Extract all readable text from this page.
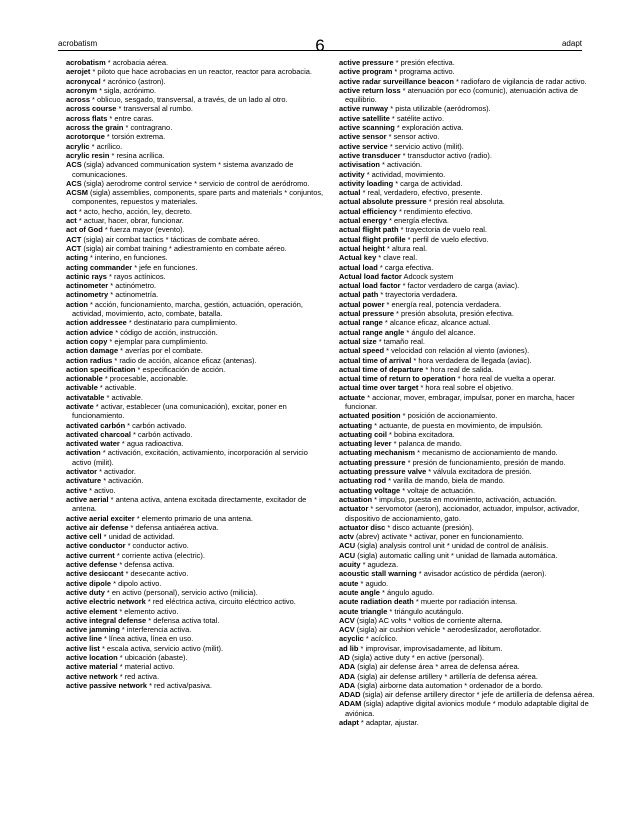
acrobatism	6	adapt

acrobatism * acrobacia aérea.

aerojet * piloto que hace acrobacias en un reactor, reactor para acrobacia.

acronycal * acrónico (astron).

acronym * sigla, acrónimo.

across * oblicuo, sesgado, transversal, a través, de un lado al otro.

across course * transversal al rumbo.

across flats * entre caras.

across the grain * contragrano.

acrotorque * torsión extrema.

acrylic * acrílico.

acrylic resin * resina acrílica.

ACS (sigla) advanced communication system * sistema avanzado de comunicaciones.

ACS (sigla) aerodrome control service * servicio de control de aeródromo.

ACSM (sigla) assemblies, components, spare parts and materials * conjuntos, componentes, repuestos y materiales.

act * acto, hecho, acción, ley, decreto.

act * actuar, hacer, obrar, funcionar.

act of God * fuerza mayor (evento).

ACT (sigla) air combat tactics * tácticas de combate aéreo.

ACT (sigla) air combat training * adiestramiento en combate aéreo.

acting * interino, en funciones.

acting commander * jefe en funciones.

actinic rays * rayos actínicos.

actinometer * actinómetro.

actinometry * actinometría.

action * acción, funcionamiento, marcha, gestión, actuación, operación, actividad, movimiento, acto, combate, batalla.

action addressee * destinatario para cumplimiento.

action advice * código de acción, instrucción.

action copy * ejemplar para cumplimiento.

action damage * averías por el combate.

action radius * radio de acción, alcance eficaz (antenas).

action specification * especificación de acción.

actionable * procesable, accionable.

activable * activable.

activatable * activable.

activate * activar, establecer (una comunicación), excitar, poner en funcionamiento.

activated carbón * carbón activado.

activated charcoal * carbón activado.

activated water * agua radioactiva.

activation * activación, excitación, activamiento, incorporación al servicio activo (milit).

activator * activador.

activature * activación.

active * activo.

active aerial * antena activa, antena excitada directamente, excitador de antena.

active aerial exciter * elemento primario de una antena.

active air defense * defensa antiaérea activa.

active cell * unidad de actividad.

active conductor * conductor activo.

active current * corriente activa (electric).

active defense * defensa activa.

active desiccant * desecante activo.

active dipole * dipolo activo.

active duty * en activo (personal), servicio activo (milicia).

active electric network * red eléctrica activa, circuito eléctrico activo.

active element * elemento activo.

active integral defense * defensa activa total.

active jamming * interferencia activa.

active line * línea activa, línea en uso.

active list * escala activa, servicio activo (milit).

active location * ubicación (abaste).

active material * material activo.

active network * red activa.

active passive network * red activa/pasiva.

active pressure * presión efectiva.

active program * programa activo.

active radar surveillance beacon * radiofaro de vigilancia de radar activo.

active return loss * atenuación por eco (comunic), atenuación activa de equilibrio.

active runway * pista utilizable (aeródromos).

active satellite * satélite activo.

active scanning * exploración activa.

active sensor * sensor activo.

active service * servicio activo (milit).

active transducer * transductor activo (radio).

activisation * activación.

activity * actividad, movimiento.

activity loading * carga de actividad.

actual * real, verdadero, efectivo, presente.

actual absolute pressure * presión real absoluta.

actual efficiency * rendimiento efectivo.

actual energy * energía efectiva.

actual flight path * trayectoria de vuelo real.

actual flight profile * perfil de vuelo efectivo.

actual height * altura real.

Actual key * clave real.

actual load * carga efectiva.

Actual load factor Adcock system

actual load factor * factor verdadero de carga (aviac).

actual path * trayectoria verdadera.

actual power * energía real, potencia verdadera.

actual pressure * presión absoluta, presión efectiva.

actual range * alcance eficaz, alcance actual.

actual range angle * ángulo del alcance.

actual size * tamaño real.

actual speed * velocidad con relación al viento (aviones).

actual time of arrival * hora verdadera de llegada (aviac).

actual time of departure * hora real de salida.

actual time of return to operation * hora real de vuelta a operar.

actual time over target * hora real sobre el objetivo.

actuate * accionar, mover, embragar, impulsar, poner en marcha, hacer funcionar.

actuated position * posición de accionamiento.

actuating * actuante, de puesta en movimiento, de impulsión.

actuating coil * bobina excitadora.

actuating lever * palanca de mando.

actuating mechanism * mecanismo de accionamiento de mando.

actuating pressure * presión de funcionamiento, presión de mando.

actuating pressure valve * válvula excitadora de presión.

actuating rod * varilla de mando, biela de mando.

actuating voltage * voltaje de actuación.

actuation * impulso, puesta en movimiento, activación, actuación.

actuator * servomotor (aeron), accionador, actuador, impulsor, activador, dispositivo de accionamiento, gato.

actuator disc * disco actuante (presión).

actv (abrev) activate * activar, poner en funcionamiento.

ACU (sigla) analysis control unit * unidad de control de análisis.

ACU (sigla) automatic calling unit * unidad de llamada automática.

acuity * agudeza.

acoustic stall warning * avisador acústico de pérdida (aeron).

acute * agudo.

acute angle * ángulo agudo.

acute radiation death * muerte por radiación intensa.

acute triangle * triángulo acutángulo.

ACV (sigla) AC volts * voltios de corriente alterna.

ACV (sigla) air cushion vehicle * aerodeslizador, aeroflotador.

acyclic * acíclico.

ad lib * improvisar, improvisadamente, ad libitum.

AD (sigla) active duty * en active (personal).

ADA (sigla) air defense área * arrea de defensa aérea.

ADA (sigla) air defense artillery * artillería de defensa aérea.

ADA (sigla) airborne data automation * ordenador de a bordo.

ADAD (sigla) air defense artillery director * jefe de artillería de defensa aérea.

ADAM (sigla) adaptive digital avionics module * modulo adaptable digital de aviónica.

adapt * adaptar, ajustar.
